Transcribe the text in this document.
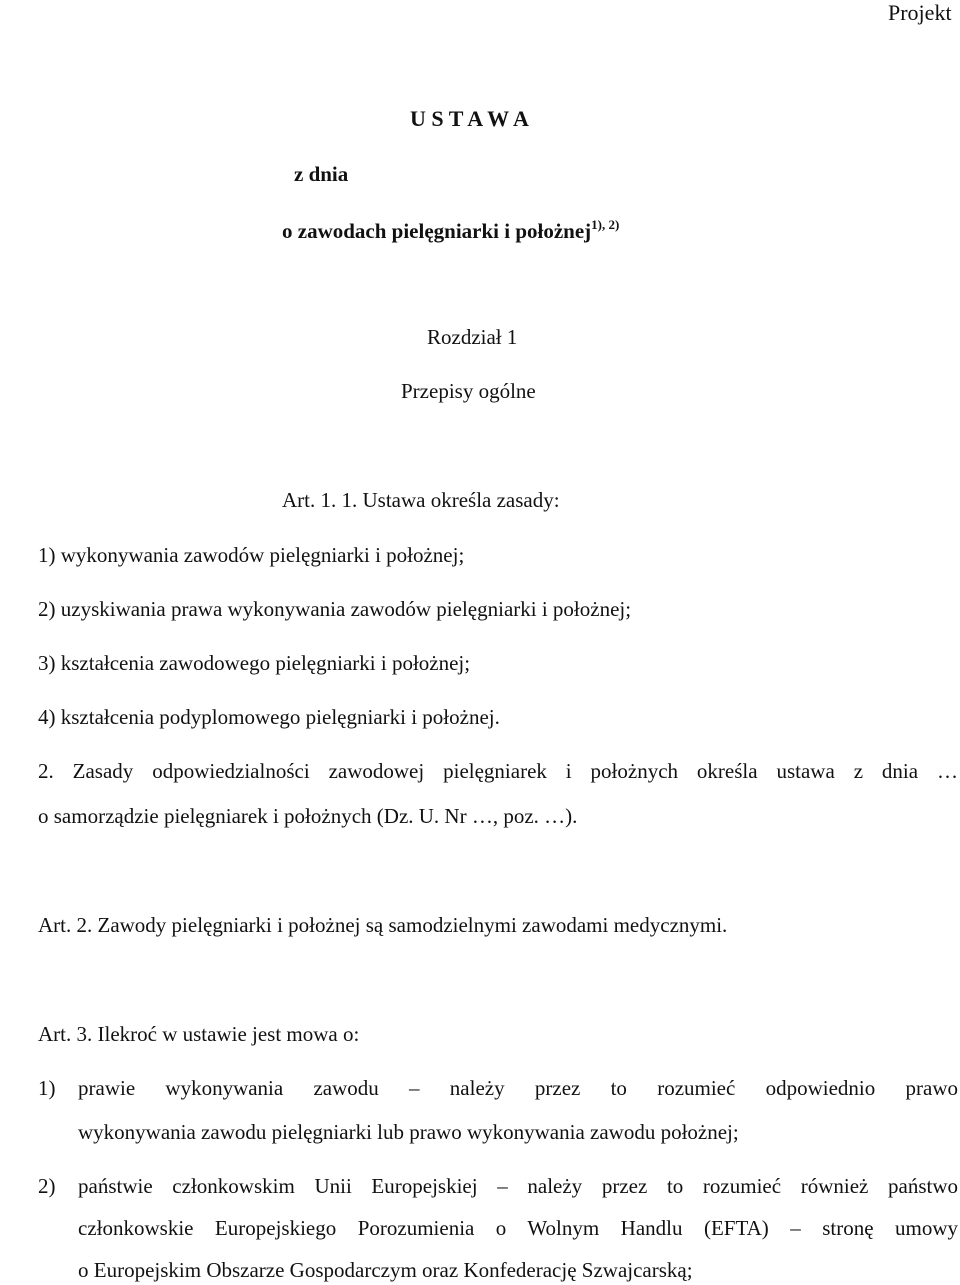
Projekt
U S T A W A
z dnia
o zawodach pielęgniarki i położnej$^{1), 2)}$
Rozdział 1
Przepisy ogólne
Art. 1. 1. Ustawa określa zasady:
1) wykonywania zawodów pielęgniarki i położnej;
2) uzyskiwania prawa wykonywania zawodów pielęgniarki i położnej;
3) kształcenia zawodowego pielęgniarki i położnej;
4) kształcenia podyplomowego pielęgniarki i położnej.
2. Zasady odpowiedzialności zawodowej pielęgniarek i położnych określa ustawa z dnia …
o samorządzie pielęgniarek i położnych (Dz. U. Nr …, poz. …).
Art. 2. Zawody pielęgniarki i położnej są samodzielnymi zawodami medycznymi.
Art. 3. Ilekroć w ustawie jest mowa o:
1) prawie wykonywania zawodu – należy przez to rozumieć odpowiednio prawo
wykonywania zawodu pielęgniarki lub prawo wykonywania zawodu położnej;
2) państwie członkowskim Unii Europejskiej – należy przez to rozumieć również państwo
członkowskie Europejskiego Porozumienia o Wolnym Handlu (EFTA) – stronę umowy
o Europejskim Obszarze Gospodarczym oraz Konfederację Szwajcarską;
